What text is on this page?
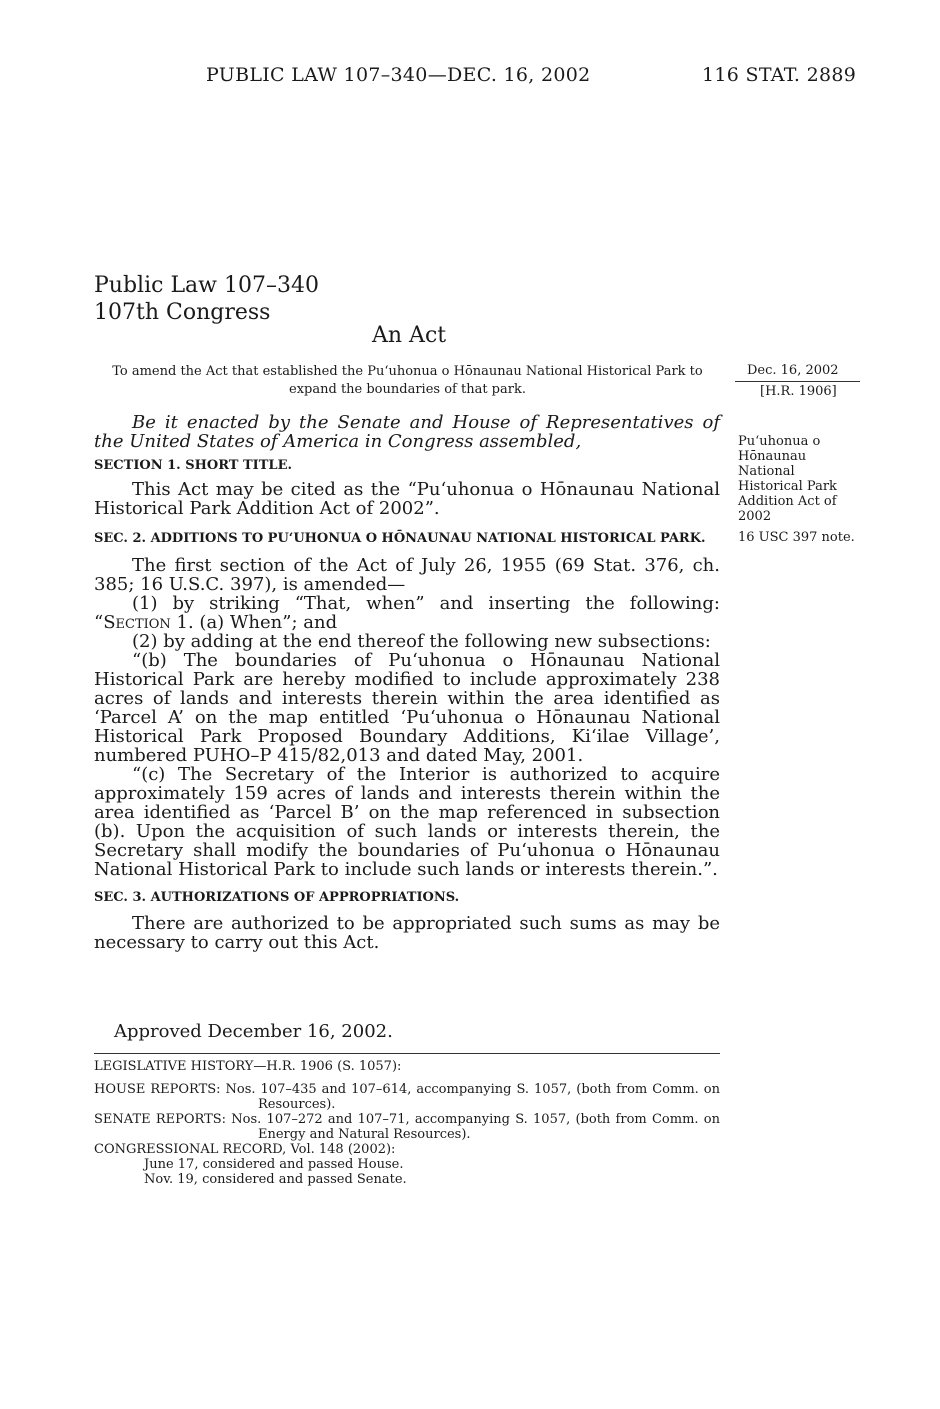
PUBLIC LAW 107–340—DEC. 16, 2002	116 STAT. 2889
Public Law 107–340
107th Congress
An Act
To amend the Act that established the Pu‘uhonua o Hōnaunau National Historical Park to expand the boundaries of that park.
Dec. 16, 2002
[H.R. 1906]
Pu‘uhonua o Hōnaunau National Historical Park Addition Act of 2002
16 USC 397 note.

Be it enacted by the Senate and House of Representatives of the United States of America in Congress assembled,

SECTION 1. SHORT TITLE.

This Act may be cited as the “Pu‘uhonua o Hōnaunau National Historical Park Addition Act of 2002”.

SEC. 2. ADDITIONS TO PU‘UHONUA O HŌNAUNAU NATIONAL HISTORICAL PARK.

The first section of the Act of July 26, 1955 (69 Stat. 376, ch. 385; 16 U.S.C. 397), is amended—

(1) by striking “That, when” and inserting the following: “Section 1. (a) When”; and

(2) by adding at the end thereof the following new subsections:

“(b) The boundaries of Pu‘uhonua o Hōnaunau National Historical Park are hereby modified to include approximately 238 acres of lands and interests therein within the area identified as ‘Parcel A’ on the map entitled ‘Pu‘uhonua o Hōnaunau National Historical Park Proposed Boundary Additions, Ki‘ilae Village’, numbered PUHO–P 415/82,013 and dated May, 2001.

“(c) The Secretary of the Interior is authorized to acquire approximately 159 acres of lands and interests therein within the area identified as ‘Parcel B’ on the map referenced in subsection (b). Upon the acquisition of such lands or interests therein, the Secretary shall modify the boundaries of Pu‘uhonua o Hōnaunau National Historical Park to include such lands or interests therein.”.

SEC. 3. AUTHORIZATIONS OF APPROPRIATIONS.

There are authorized to be appropriated such sums as may be necessary to carry out this Act.

Approved December 16, 2002.

LEGISLATIVE HISTORY—H.R. 1906 (S. 1057):

HOUSE REPORTS: Nos. 107–435 and 107–614, accompanying S. 1057, (both from Comm. on Resources).

SENATE REPORTS: Nos. 107–272 and 107–71, accompanying S. 1057, (both from Comm. on Energy and Natural Resources).

CONGRESSIONAL RECORD, Vol. 148 (2002):

June 17, considered and passed House.

Nov. 19, considered and passed Senate.
